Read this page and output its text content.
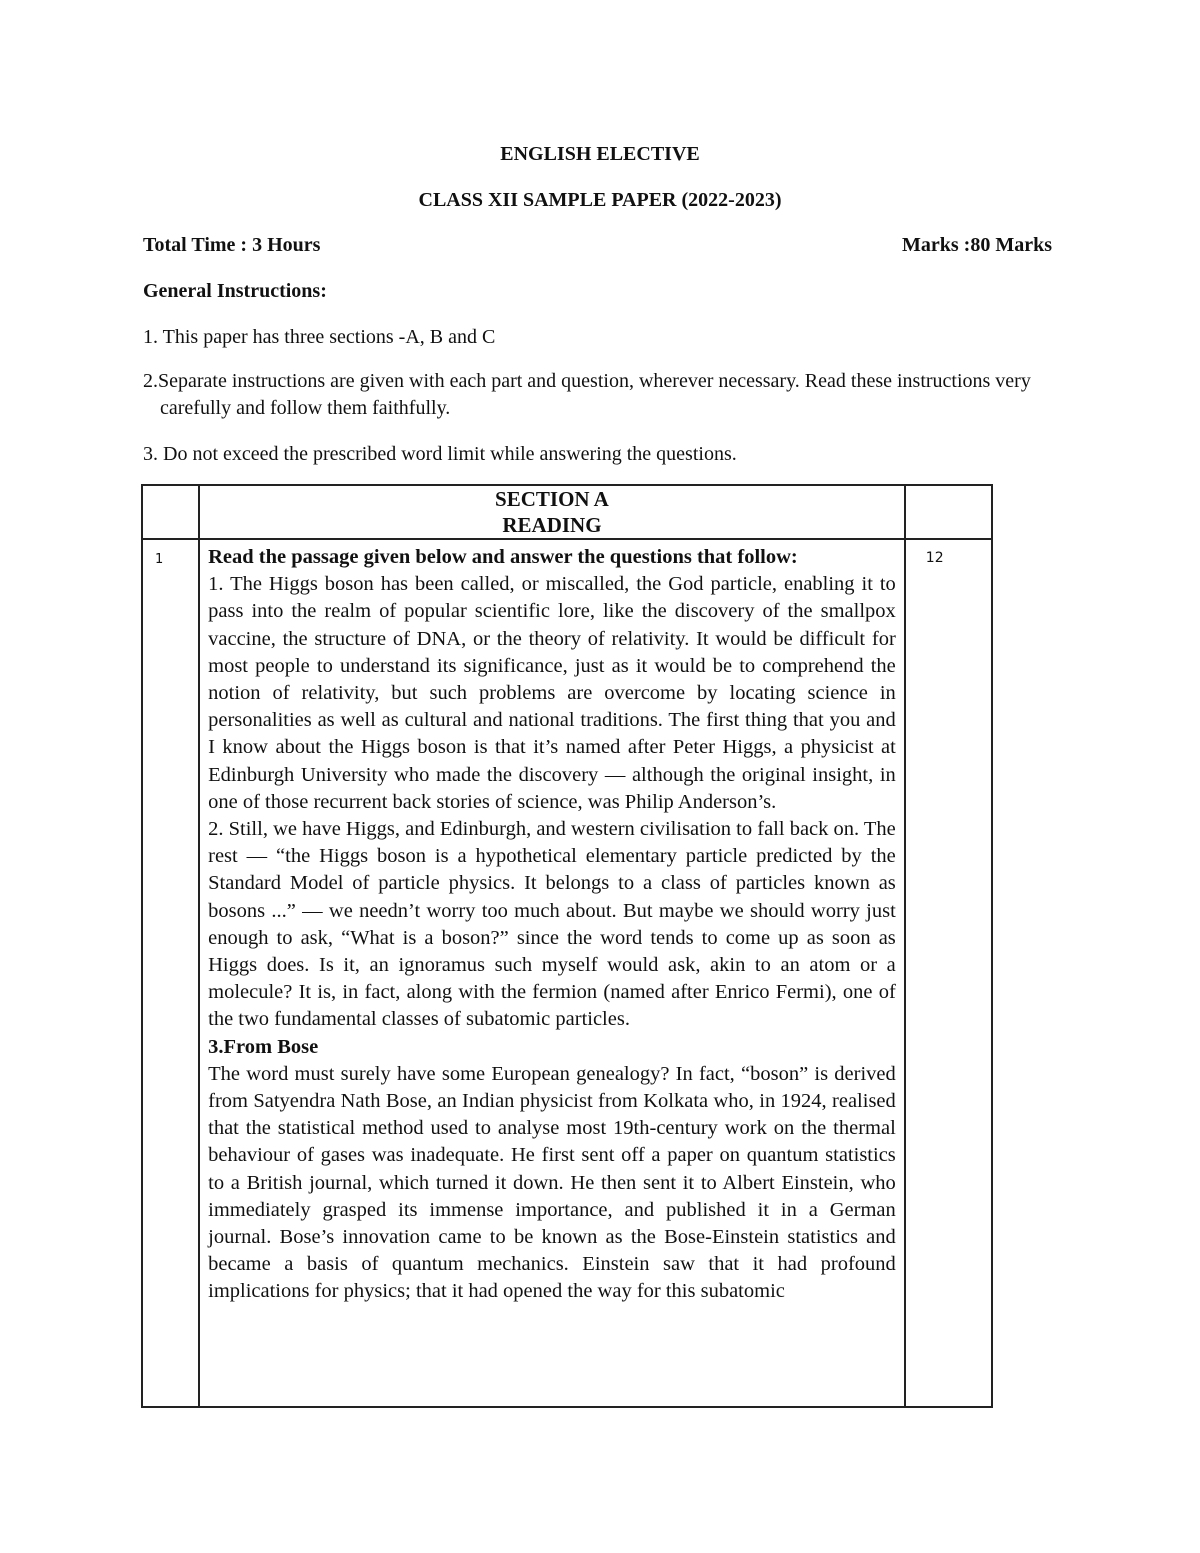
ENGLISH ELECTIVE
CLASS XII SAMPLE PAPER (2022-2023)
Total Time : 3 Hours	Marks :80 Marks
General Instructions:
1. This paper has three sections -A, B and C
2.Separate instructions are given with each part and question, wherever necessary. Read these instructions very carefully and follow them faithfully.
3. Do not exceed the prescribed word limit while answering the questions.

	SECTION A
READING	

1	Read the passage given below and answer the questions that follow:

1. The Higgs boson has been called, or miscalled, the God particle, enabling it to pass into the realm of popular scientific lore, like the discovery of the smallpox vaccine, the structure of DNA, or the theory of relativity. It would be difficult for most people to understand its significance, just as it would be to comprehend the notion of relativity, but such problems are overcome by locating science in personalities as well as cultural and national traditions. The first thing that you and I know about the Higgs boson is that it’s named after Peter Higgs, a physicist at Edinburgh University who made the discovery — although the original insight, in one of those recurrent back stories of science, was Philip Anderson’s.

2. Still, we have Higgs, and Edinburgh, and western civilisation to fall back on. The rest — “the Higgs boson is a hypothetical elementary particle predicted by the Standard Model of particle physics. It belongs to a class of particles known as bosons ...” — we needn’t worry too much about. But maybe we should worry just enough to ask, “What is a boson?” since the word tends to come up as soon as Higgs does. Is it, an ignoramus such myself would ask, akin to an atom or a molecule? It is, in fact, along with the fermion (named after Enrico Fermi), one of the two fundamental classes of subatomic particles.

3.From Bose

The word must surely have some European genealogy? In fact, “boson” is derived from Satyendra Nath Bose, an Indian physicist from Kolkata who, in 1924, realised that the statistical method used to analyse most 19th-century work on the thermal behaviour of gases was inadequate. He first sent off a paper on quantum statistics to a British journal, which turned it down. He then sent it to Albert Einstein, who immediately grasped its immense importance, and published it in a German journal. Bose’s innovation came to be known as the Bose-Einstein statistics and became a basis of quantum mechanics. Einstein saw that it had profound implications for physics; that it had opened the way for this subatomic	12
